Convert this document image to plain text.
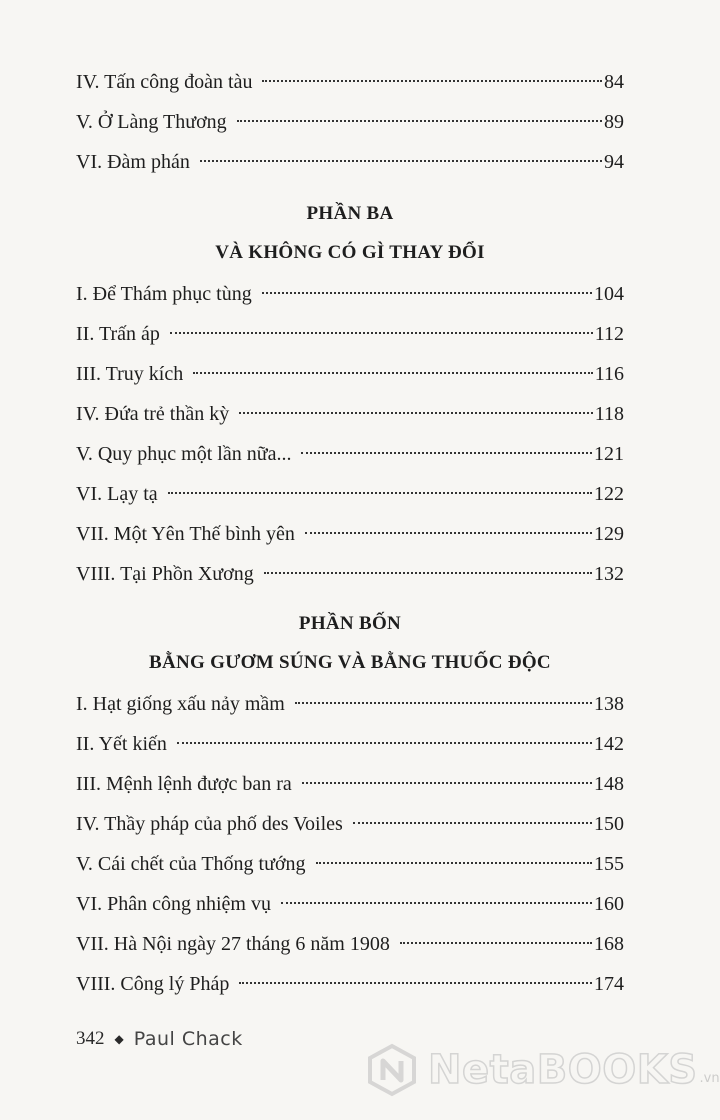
IV. Tấn công đoàn tàu	84
V. Ở Làng Thương	89
VI. Đàm phán	94
PHẦN BA
VÀ KHÔNG CÓ GÌ THAY ĐỔI
I. Để Thám phục tùng	104
II. Trấn áp	112
III. Truy kích	116
IV. Đứa trẻ thần kỳ	118
V. Quy phục một lần nữa...	121
VI. Lạy tạ	122
VII. Một Yên Thế bình yên	129
VIII. Tại Phồn Xương	132
PHẦN BỐN
BẰNG GƯƠM SÚNG VÀ BẰNG THUỐC ĐỘC
I. Hạt giống xấu nảy mầm	138
II. Yết kiến	142
III. Mệnh lệnh được ban ra	148
IV. Thầy pháp của phố des Voiles	150
V. Cái chết của Thống tướng	155
VI. Phân công nhiệm vụ	160
VII. Hà Nội ngày 27 tháng 6 năm 1908	168
VIII. Công lý Pháp	174
342 ◆ Paul Chack
NetaBOOKS .vn
